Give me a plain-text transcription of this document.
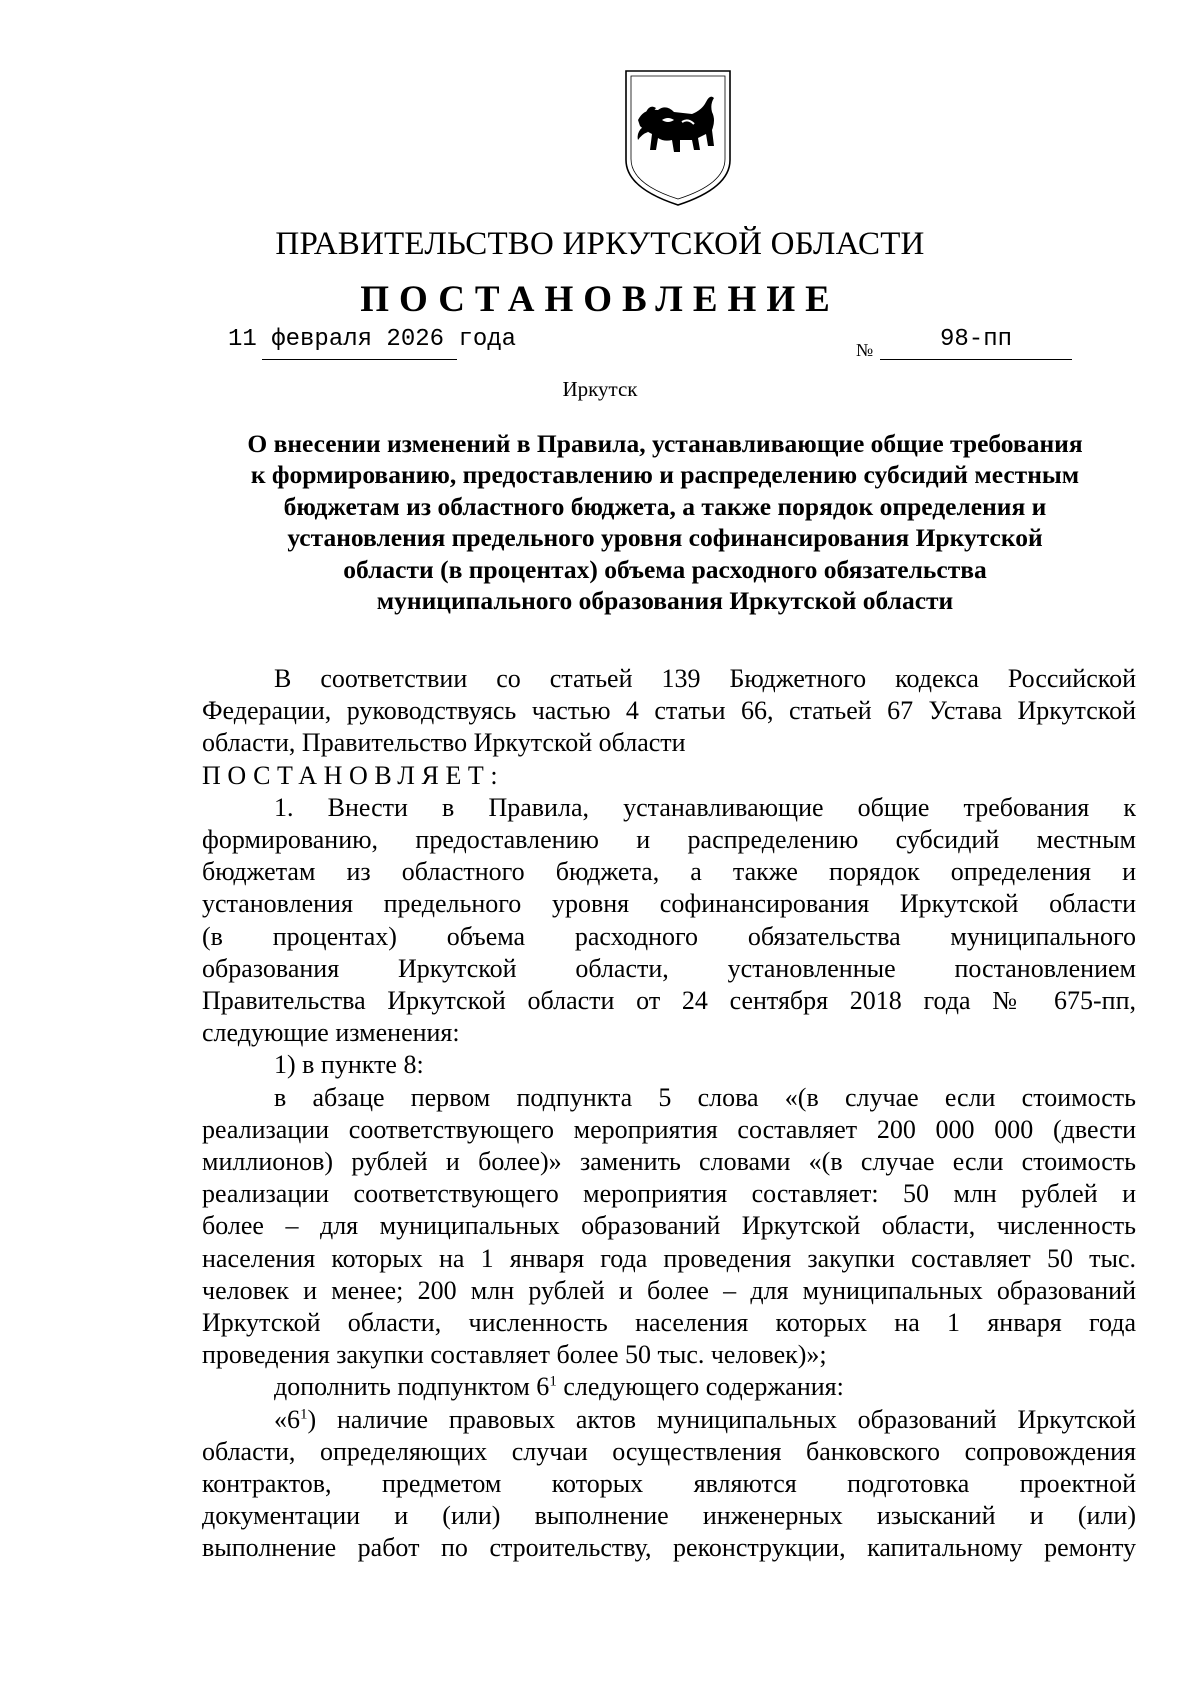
ПРАВИТЕЛЬСТВО ИРКУТСКОЙ ОБЛАСТИ
ПОСТАНОВЛЕНИЕ
11 февраля 2026 года	№	98-пп
Иркутск
О внесении изменений в Правила, устанавливающие общие требования
к формированию, предоставлению и распределению субсидий местным
бюджетам из областного бюджета, а также порядок определения и
установления предельного уровня софинансирования Иркутской
области (в процентах) объема расходного обязательства
муниципального образования Иркутской области
В соответствии со статьей 139 Бюджетного кодекса Российской
Федерации, руководствуясь частью 4 статьи 66, статьей 67 Устава Иркутской
области, Правительство Иркутской области
ПОСТАНОВЛЯЕТ:
1. Внести в Правила, устанавливающие общие требования к
формированию, предоставлению и распределению субсидий местным
бюджетам из областного бюджета, а также порядок определения и
установления предельного уровня софинансирования Иркутской области
(в процентах) объема расходного обязательства муниципального
образования Иркутской области, установленные постановлением
Правительства Иркутской области от 24 сентября 2018 года № 675-пп,
следующие изменения:
1) в пункте 8:
в абзаце первом подпункта 5 слова «(в случае если стоимость
реализации соответствующего мероприятия составляет 200 000 000 (двести
миллионов) рублей и более)» заменить словами «(в случае если стоимость
реализации соответствующего мероприятия составляет: 50 млн рублей и
более – для муниципальных образований Иркутской области, численность
населения которых на 1 января года проведения закупки составляет 50 тыс.
человек и менее; 200 млн рублей и более – для муниципальных образований
Иркутской области, численность населения которых на 1 января года
проведения закупки составляет более 50 тыс. человек)»;
дополнить подпунктом $6^1$ следующего содержания:
«$6^1$) наличие правовых актов муниципальных образований Иркутской
области, определяющих случаи осуществления банковского сопровождения
контрактов, предметом которых являются подготовка проектной
документации и (или) выполнение инженерных изысканий и (или)
выполнение работ по строительству, реконструкции, капитальному ремонту
